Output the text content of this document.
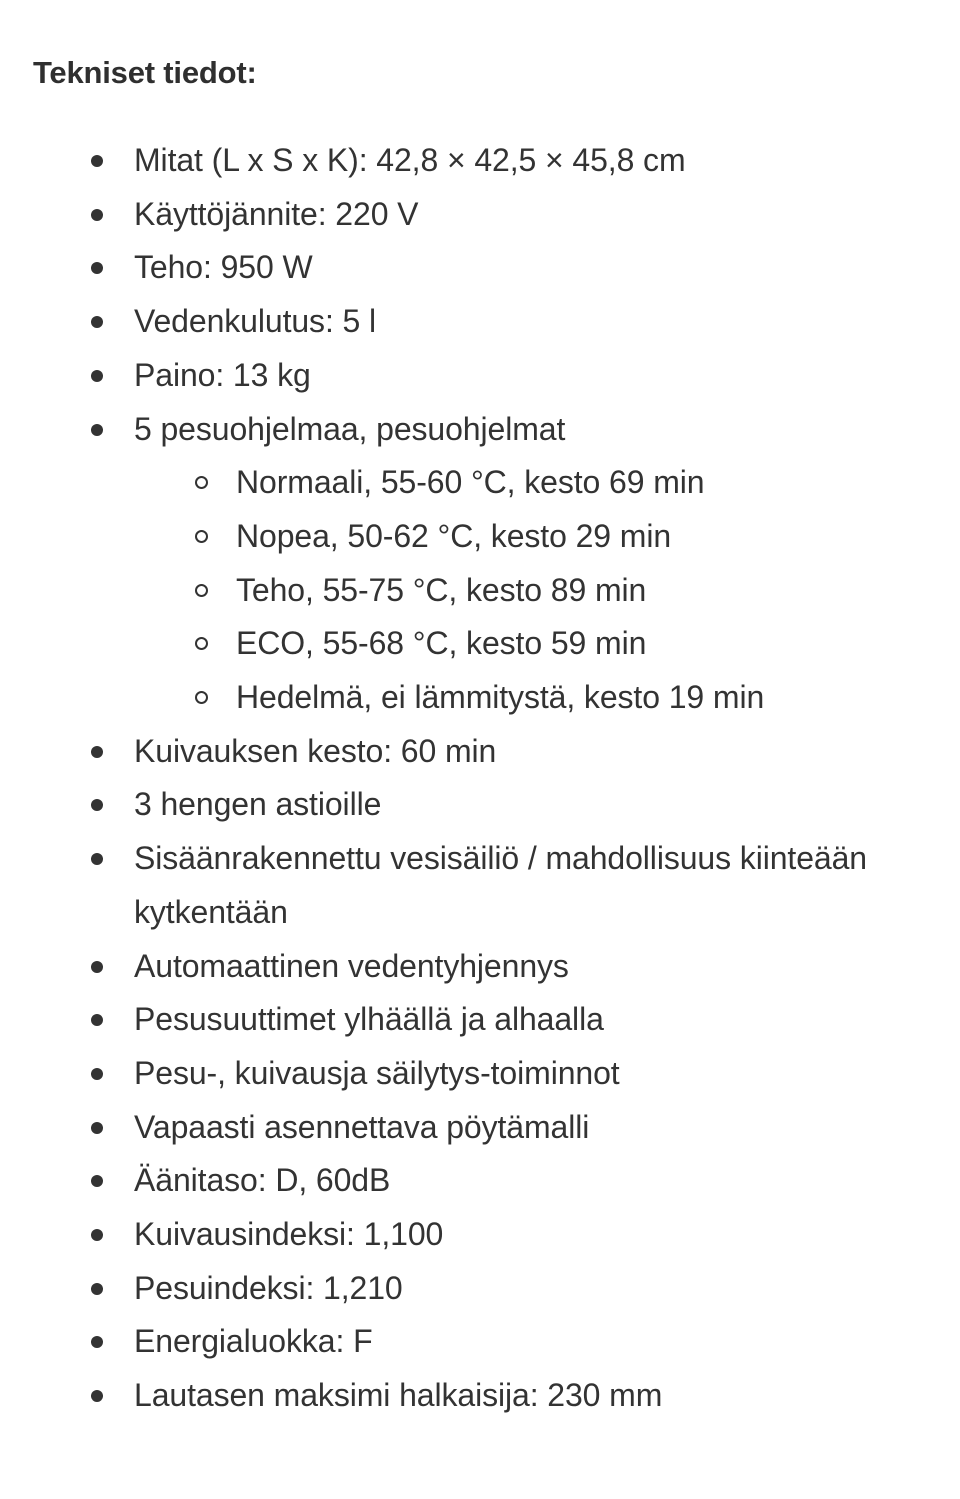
Tekniset tiedot:
Mitat (L x S x K): 42,8 × 42,5 × 45,8 cm
Käyttöjännite: 220 V
Teho: 950 W
Vedenkulutus: 5 l
Paino: 13 kg
5 pesuohjelmaa, pesuohjelmat
Normaali, 55-60 °C, kesto 69 min
Nopea, 50-62 °C, kesto 29 min
Teho, 55-75 °C, kesto 89 min
ECO, 55-68 °C, kesto 59 min
Hedelmä, ei lämmitystä, kesto 19 min
Kuivauksen kesto: 60 min
3 hengen astioille
Sisäänrakennettu vesisäiliö / mahdollisuus kiinteään kytkentään
Automaattinen vedentyhjennys
Pesusuuttimet ylhäällä ja alhaalla
Pesu-, kuivausja säilytys-toiminnot
Vapaasti asennettava pöytämalli
Äänitaso: D, 60dB
Kuivausindeksi: 1,100
Pesuindeksi: 1,210
Energialuokka: F
Lautasen maksimi halkaisija: 230 mm
